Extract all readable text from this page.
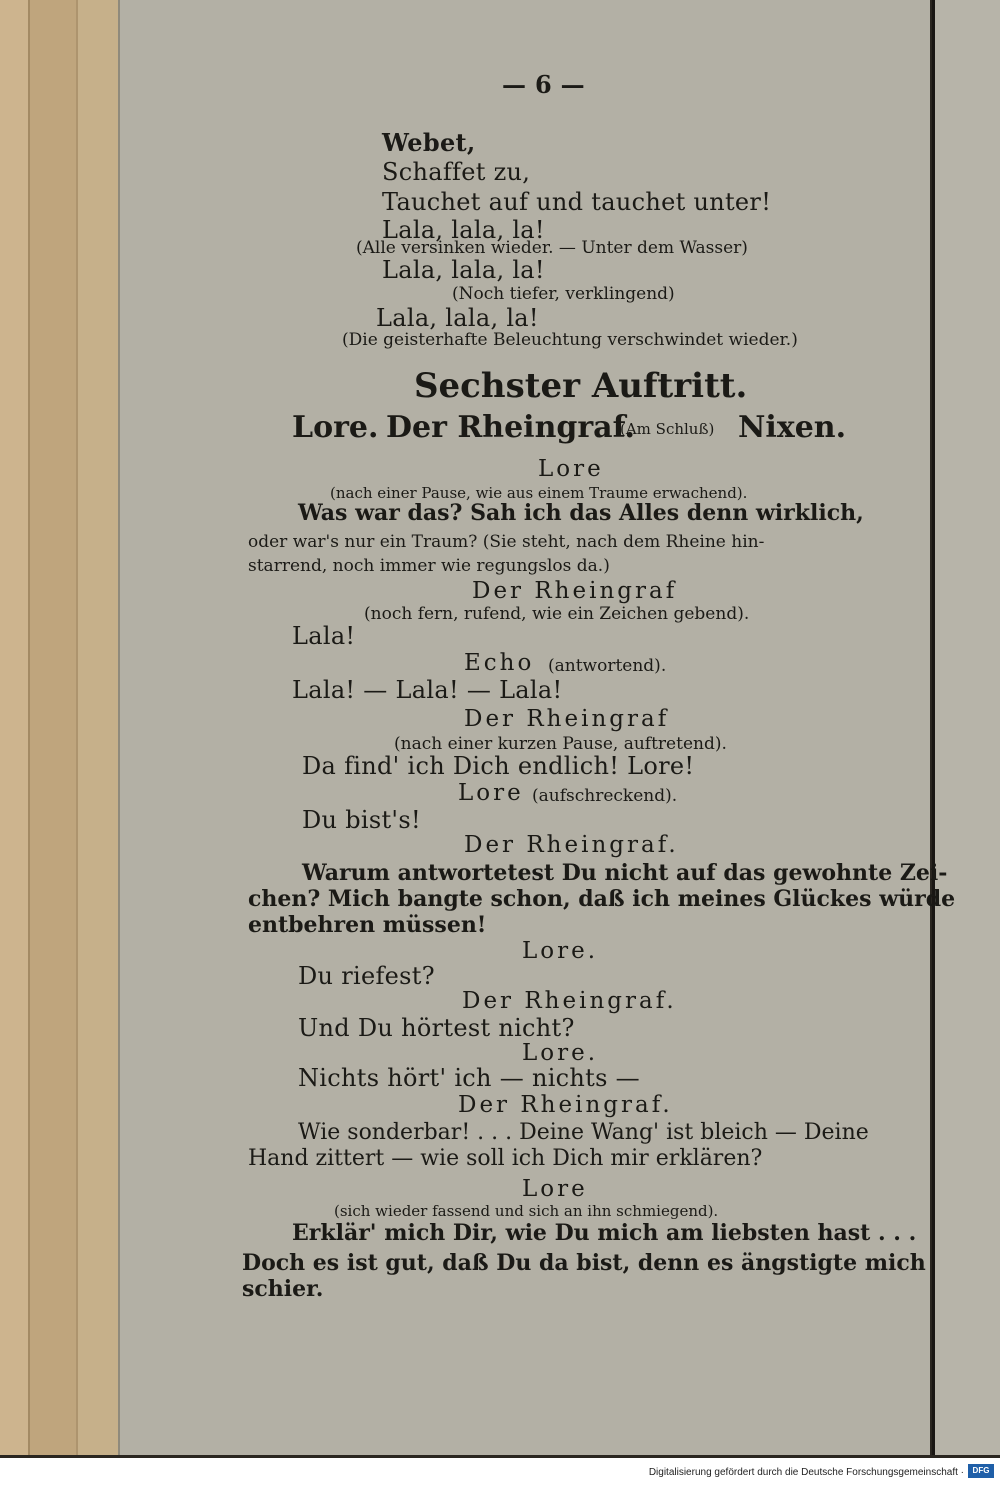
— 6 —
Webet,
Schaffet zu,
Tauchet auf und tauchet unter!
Lala, lala, la!
(Alle versinken wieder. — Unter dem Wasser)
Lala, lala, la!
(Noch tiefer, verklingend)
Lala, lala, la!
(Die geisterhafte Beleuchtung verschwindet wieder.)
Sechster Auftritt.
Lore. Der Rheingraf.
(Am Schluß) Nixen.
Lore
(nach einer Pause, wie aus einem Traume erwachend).
Was war das? Sah ich das Alles denn wirklich,
oder war's nur ein Traum? (Sie steht, nach dem Rheine hin-
starrend, noch immer wie regungslos da.)
Der Rheingraf
(noch fern, rufend, wie ein Zeichen gebend).
Lala!
Echo (antwortend).
Lala! — Lala! — Lala!
Der Rheingraf
(nach einer kurzen Pause, auftretend).
Da find' ich Dich endlich! Lore!
Lore (aufschreckend).
Du bist's!
Der Rheingraf.
Warum antwortetest Du nicht auf das gewohnte Zei-
chen? Mich bangte schon, daß ich meines Glückes würde
entbehren müssen!
Lore.
Du riefest?
Der Rheingraf.
Und Du hörtest nicht?
Lore.
Nichts hört' ich — nichts —
Der Rheingraf.
Wie sonderbar! . . . Deine Wang' ist bleich — Deine
Hand zittert — wie soll ich Dich mir erklären?
Lore
(sich wieder fassend und sich an ihn schmiegend).
Erklär' mich Dir, wie Du mich am liebsten hast . . .
Doch es ist gut, daß Du da bist, denn es ängstigte mich
schier.
Digitalisierung gefördert durch die Deutsche Forschungsgemeinschaft ·	DFG
